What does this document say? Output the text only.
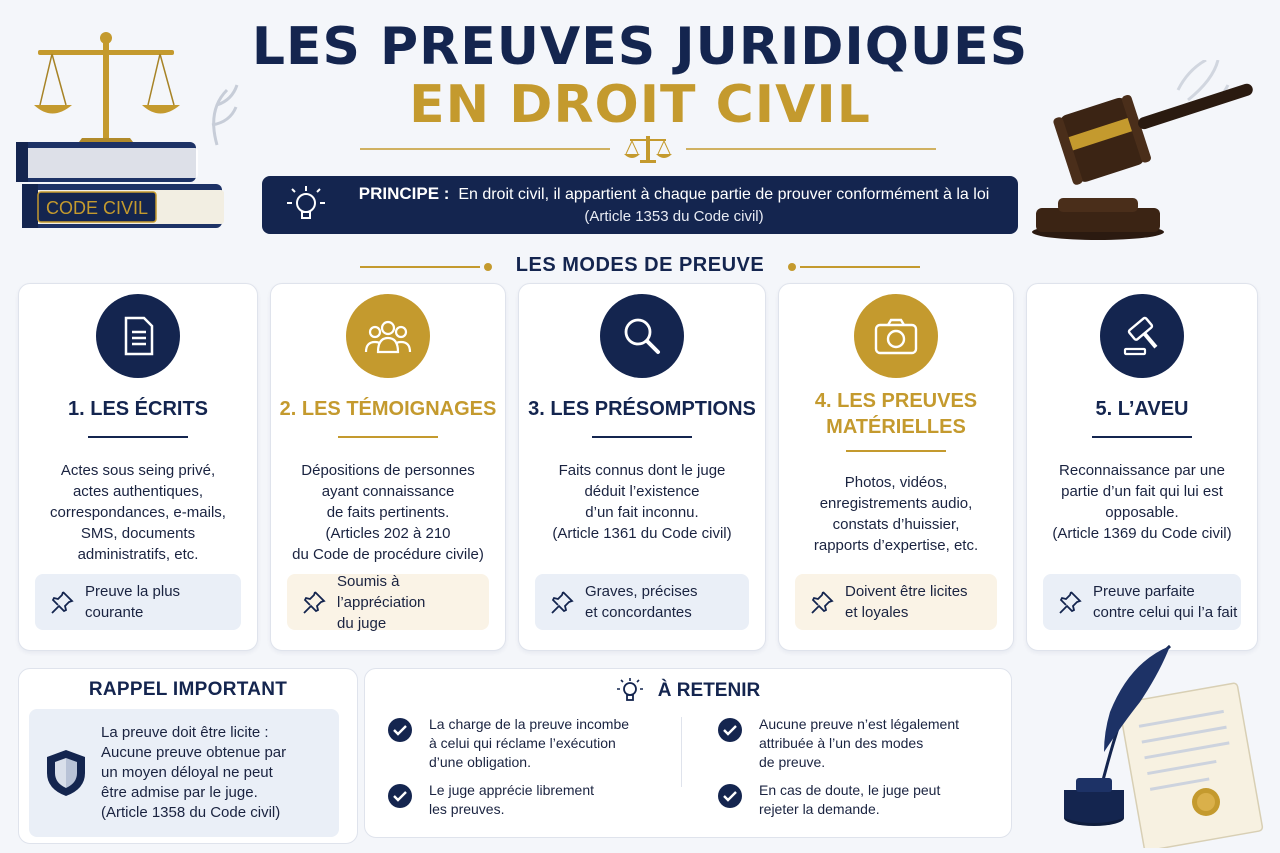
CODE CIVIL
LES PREUVES JURIDIQUES
EN DROIT CIVIL
PRINCIPE : En droit civil, il appartient à chaque partie de prouver conformément à la loi
(Article 1353 du Code civil)
LES MODES DE PREUVE
1. LES ÉCRITS
Actes sous seing privé,
actes authentiques,
correspondances, e-mails,
SMS, documents
administratifs, etc.
Preuve la plus
courante
2. LES TÉMOIGNAGES
Dépositions de personnes
ayant connaissance
de faits pertinents.
(Articles 202 à 210
du Code de procédure civile)
Soumis à l’appréciation
du juge
3. LES PRÉSOMPTIONS
Faits connus dont le juge
déduit l’existence
d’un fait inconnu.
(Article 1361 du Code civil)
Graves, précises
et concordantes
4. LES PREUVES
MATÉRIELLES
Photos, vidéos,
enregistrements audio,
constats d’huissier,
rapports d’expertise, etc.
Doivent être licites
et loyales
5. L’AVEU
Reconnaissance par une
partie d’un fait qui lui est
opposable.
(Article 1369 du Code civil)
Preuve parfaite
contre celui qui l’a fait
RAPPEL IMPORTANT
La preuve doit être licite :
Aucune preuve obtenue par
un moyen déloyal ne peut
être admise par le juge.
(Article 1358 du Code civil)
À RETENIR
La charge de la preuve incombe
à celui qui réclame l’exécution
d’une obligation.
Le juge apprécie librement
les preuves.
Aucune preuve n’est légalement
attribuée à l’un des modes
de preuve.
En cas de doute, le juge peut
rejeter la demande.
